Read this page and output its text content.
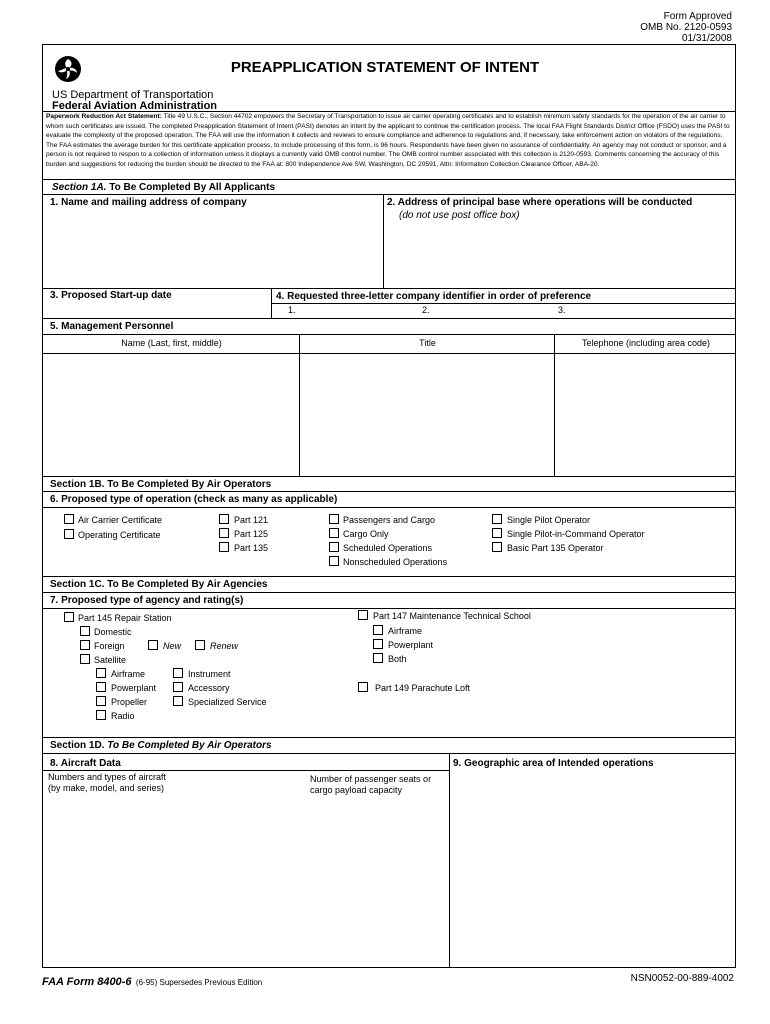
Form Approved
OMB No. 2120-0593
01/31/2008
PREAPPLICATION STATEMENT OF INTENT
US Department of Transportation
Federal Aviation Administration
Paperwork Reduction Act Statement: Title 49 U.S.C., Section 44702 empowers the Secretary of Transportation to issue air carrier operating certificates and to establish minimum safety standards for the operation of the air carrier to whom such certificates are issued. The completed Preapplication Statement of Intent (PASI) denotes an intent by the applicant to continue the certification process. The local FAA Flight Standards District Office (FSDO) uses the PASI to evaluate the complexity of the proposed operation. The FAA will use the information it collects and reviews to ensure compliance and adherence to regulations and, if necessary, take enforcement action on violators of the regulations. The FAA estimates the average burden for this certificate application process, to include processing of this form, is 96 hours. Respondents have been given no assurance of confidentiality. An agency may not conduct or sponsor, and a person is not required to respon to a collection of information unless it displays a currently valid OMB control number. The OMB control number associated with this collection is 2120-0593. Comments concerning the accuracy of this burden and suggestions for reducing the burden should be directed to the FAA at: 800 Independence Ave SW, Washington, DC 20591, Attn: Information Collection Clearance Officer, ABA-20.
Section 1A. To Be Completed By All Applicants
1. Name and mailing address of company	2. Address of principal base where operations will be conducted
(do not use post office box)
3. Proposed Start-up date	4. Requested three-letter company identifier in order of preference
1.	2.	3.
5. Management Personnel
Name (Last, first, middle)	Title	Telephone (including area code)
Section 1B. To Be Completed By Air Operators
6. Proposed type of operation (check as many as applicable)
Air Carrier Certificate
Operating Certificate
Part 121
Part 125
Part 135
Passengers and Cargo
Cargo Only
Scheduled Operations
Nonscheduled Operations
Single Pilot Operator
Single Pilot-in-Command Operator
Basic Part 135 Operator
Section 1C. To Be Completed By Air Agencies
7. Proposed type of agency and rating(s)
Part 145 Repair Station
Domestic
Foreign	New	Renew
Satellite
Airframe
Powerplant
Propeller
Radio
Instrument
Accessory
Specialized Service
Part 147 Maintenance Technical School
Airframe
Powerplant
Both
Part 149 Parachute Loft
Section 1D. To Be Completed By Air Operators
8. Aircraft Data	9. Geographic area of Intended operations
Numbers and types of aircraft
(by make, model, and series)
Number of passenger seats or
cargo payload capacity
FAA Form 8400-6 (6-95) Supersedes Previous Edition	NSN0052-00-889-4002
